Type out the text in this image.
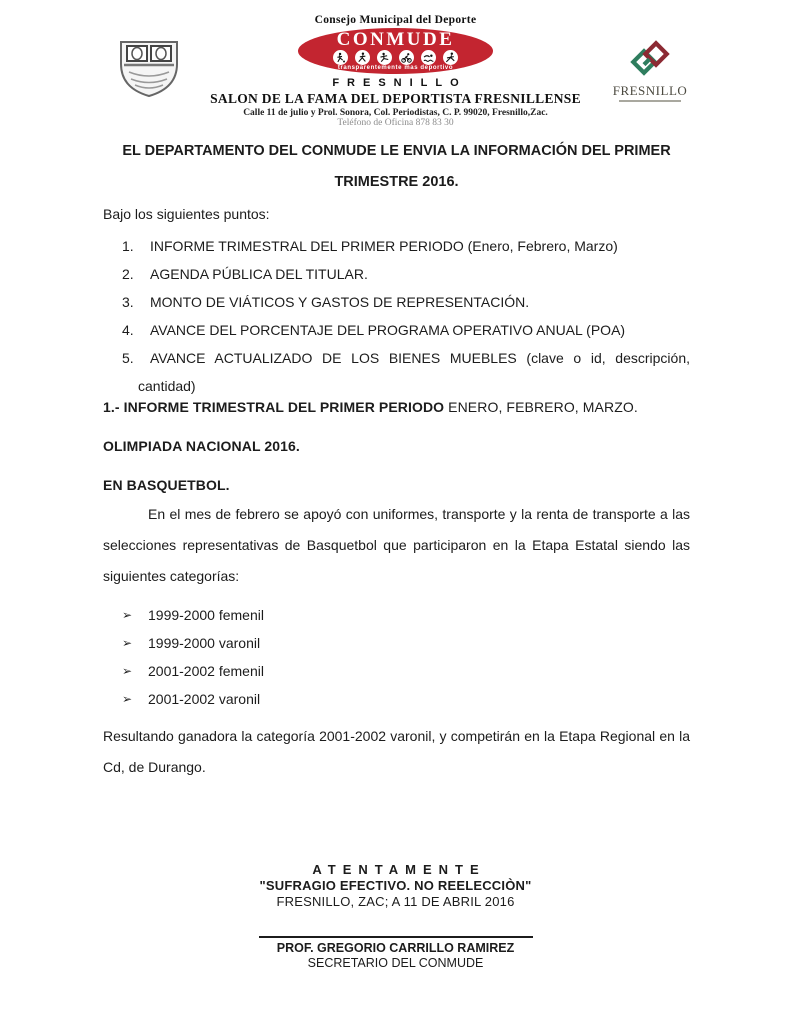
Consejo Municipal del Deporte
CONMUDE
transparentemente mas deportivo
FRESNILLO
SALON DE LA FAMA DEL DEPORTISTA FRESNILLENSE
Calle 11 de julio y Prol. Sonora, Col. Periodistas, C. P. 99020, Fresnillo,Zac.
Teléfono de Oficina 878 83 30
FRESNILLO
EL DEPARTAMENTO DEL CONMUDE LE ENVIA LA INFORMACIÓN DEL PRIMER TRIMESTRE 2016.

Bajo los siguientes puntos:

1. INFORME TRIMESTRAL DEL PRIMER PERIODO (Enero, Febrero, Marzo)
2. AGENDA PÚBLICA DEL TITULAR.
3. MONTO DE VIÁTICOS Y GASTOS DE REPRESENTACIÓN.
4. AVANCE DEL PORCENTAJE DEL PROGRAMA OPERATIVO ANUAL (POA)
5. AVANCE ACTUALIZADO DE LOS BIENES MUEBLES (clave o id, descripción, cantidad)
1.- INFORME TRIMESTRAL DEL PRIMER PERIODO ENERO, FEBRERO, MARZO.
OLIMPIADA NACIONAL 2016.
EN BASQUETBOL.

En el mes de febrero se apoyó con uniformes, transporte y la renta de transporte a las selecciones representativas de Basquetbol que participaron en la Etapa Estatal siendo las siguientes categorías:

➢ 1999-2000 femenil
➢ 1999-2000 varonil
➢ 2001-2002 femenil
➢ 2001-2002 varonil

Resultando ganadora la categoría 2001-2002 varonil, y competirán en la Etapa Regional en la Cd, de Durango.

ATENTAMENTE
"SUFRAGIO EFECTIVO. NO REELECCIÒN"
FRESNILLO, ZAC; A 11 DE ABRIL 2016
PROF. GREGORIO CARRILLO RAMIREZ
SECRETARIO DEL CONMUDE
